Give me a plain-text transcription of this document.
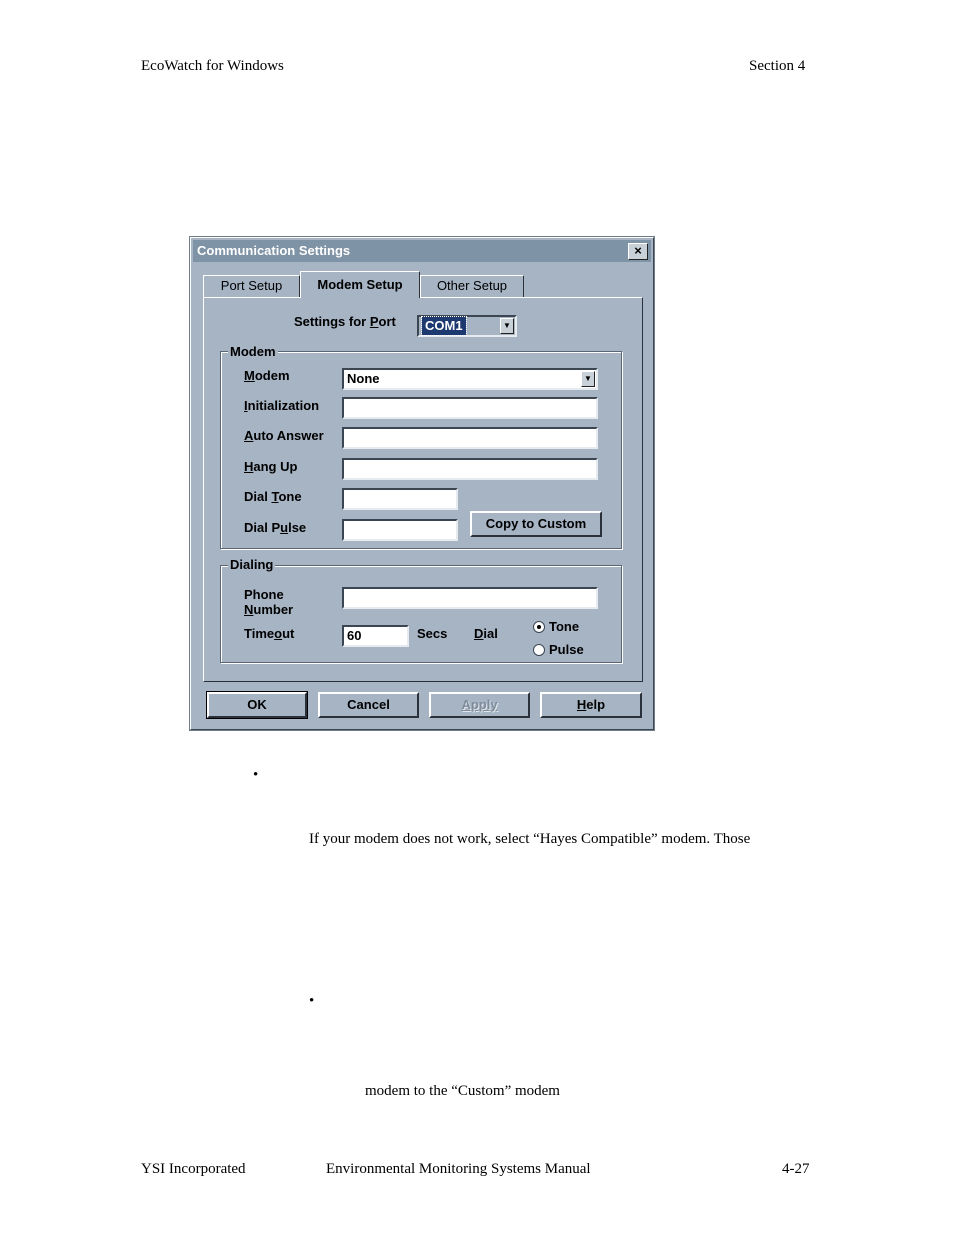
EcoWatch for Windows	Section 4
Communication Settings	×
Port Setup	Modem Setup	Other Setup
Settings for Port	COM1	▼
Modem
Modem	None	▼
Initialization
Auto Answer
Hang Up
Dial Tone
Dial Pulse	Copy to Custom
Dialing
Phone
Number
Timeout	60	Secs Dial	Tone
Pulse
OK	Cancel	Apply	Help
•
If your modem does not work, select “Hayes Compatible” modem. Those
•
modem to the “Custom” modem
YSI Incorporated	Environmental Monitoring Systems Manual	4-27
